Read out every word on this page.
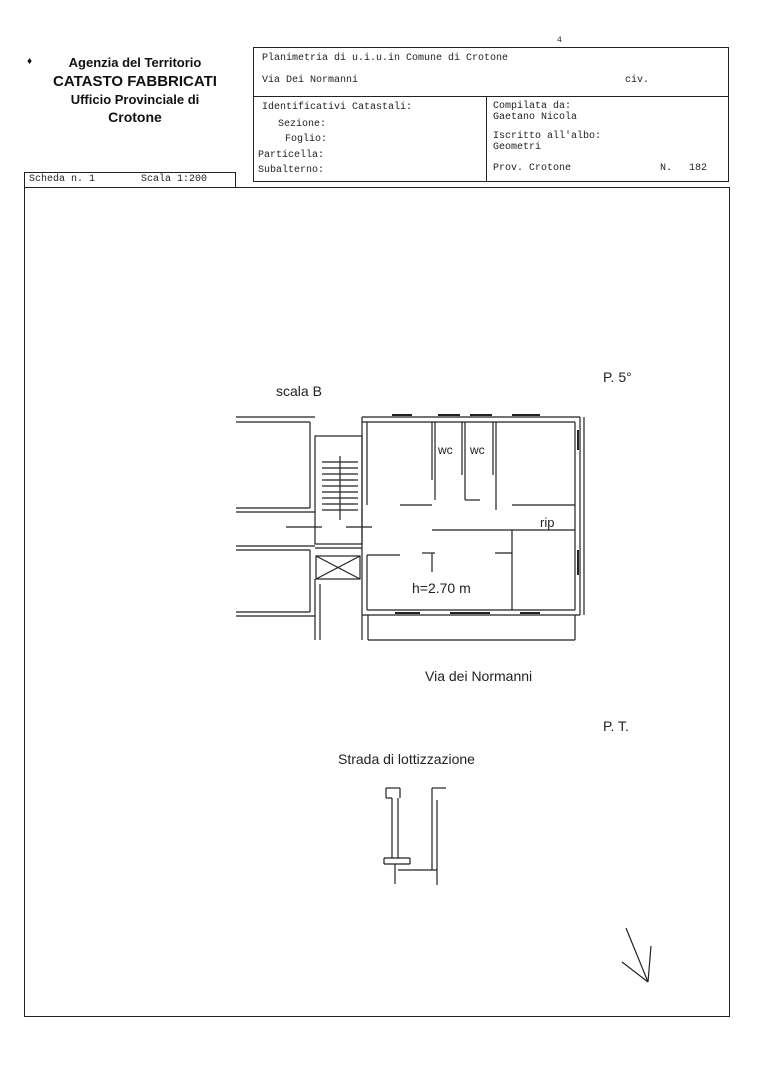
♦	Agenzia del Territorio
CATASTO FABBRICATI
Ufficio Provinciale di
Crotone
4
Planimetria di u.i.u.in Comune di Crotone
Via Dei Normanni	civ.
Identificativi Catastali:
Sezione:
Foglio:
Particella:
Subalterno:
Compilata da:
Gaetano Nicola
Iscritto all'albo:
Geometri
Prov. Crotone	N. 182
Scheda n. 1	Scala 1:200
P. 5°
scala B
wc wc
rip
h=2.70 m
Via dei Normanni
P. T.
Strada di lottizzazione
